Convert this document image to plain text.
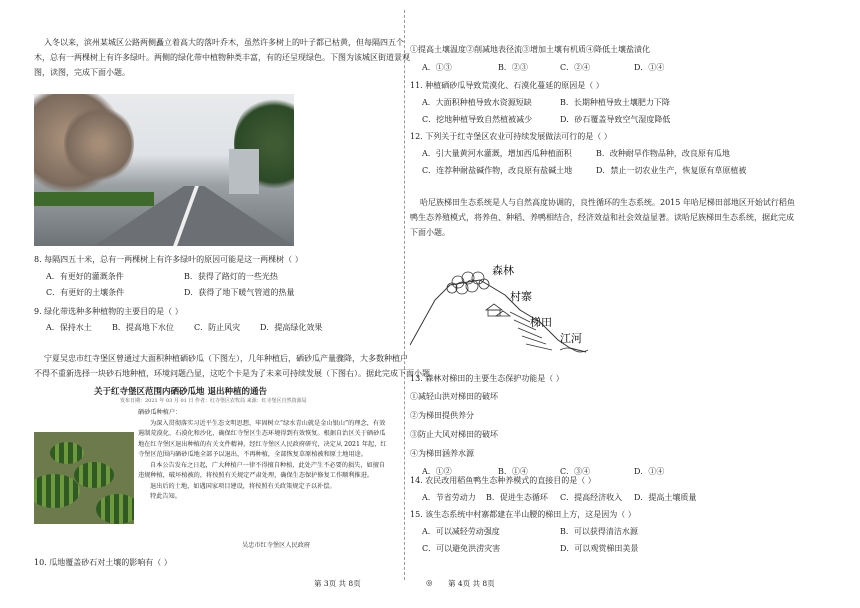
入冬以来，滨州某城区公路两侧矗立着高大的落叶乔木，虽然许多树上的叶子都已枯黄，但每隔四五个
木，总有一两棵树上有许多绿叶。两侧的绿化带中植物种类丰富，有的还呈现绿色。下图为该城区街道景观
图，读图，完成下面小题。
8. 每隔四五十米，总有一两棵树上有许多绿叶的原因可能是这一两棵树（ ）
A．有更好的灌溉条件	B．获得了路灯的一些光热
C．有更好的土壤条件	D．获得了地下暖气管道的热量
9. 绿化带选种多种植物的主要目的是（ ）
A．保持水土	B．提高地下水位	C．防止风灾 D．提高绿化效果
宁夏吴忠市红寺堡区曾通过大面积种植硒砂瓜（下图左），几年种植后，硒砂瓜产量骤降，大多数种植户
不得不重新选择一块砂石地种植，环境问题凸显，这吃个卡是为了未来可持续发展（下图右）。据此完成下面小题。
关于红寺堡区范围内硒砂瓜地 退出种植的通告
发布日期：2021 年 03 月 01 日 作者：红寺堡区农牧局 来源：红寺堡区自然资源局

硒砂瓜种植户：

为深入贯彻落实习近平生态文明思想，牢固树立“绿水青山就是金山银山”的理念，有效遏制荒漠化、石漠化和沙化，确保红寺堡区生态环境得到有效恢复。根据自治区关于硒砂瓜地在红寺堡区退出种植的有关文件精神，经红寺堡区人民政府研究，决定从 2021 年起，红寺堡区范围内硒砂瓜地全部予以退出，不再种植，全部恢复草原植被和原土地用途。

自本公告发布之日起，广大种植户一律不得擅自种植，此处产生不必要的损失，如擅自违规种植，破坏植被的，将按照有关规定严肃处理，确保生态保护修复工作顺利推进。

退出后的土地，如遇国家项目建设，将按照有关政策规定予以补偿。

特此告知。

吴忠市红寺堡区人民政府
10. 瓜地覆盖砂石对土壤的影响有（ ）
第 3页 共 8页	◎
①提高土壤温度②削减地表径流③增加土壤有机质④降低土壤盐渍化
A．①③	B．②③	C．②④	D．①④
11. 种植硒砂瓜导致荒漠化、石漠化蔓延的原因是（ ）
A．大面积种植导致水资源短缺	B．长期种植导致土壤肥力下降
C．挖地种植导致自然植被减少	D．砂石覆盖导致空气湿度降低
12. 下列关于红寺堡区农业可持续发展做法可行的是（ ）
A．引大量黄河水灌溉，增加西瓜种植面积	B．改种耐旱作物品种，改良原有瓜地
C．连荐种耐盐碱作物，改良原有盐碱土地	D．禁止一切农业生产，恢复原有草原植被
哈尼族梯田生态系统是人与自然高度协调的，良性循环的生态系统。2015 年哈尼梯田部地区开始试行稻鱼
鸭生态养殖模式，将养鱼、种稻、养鸭相结合，经济效益和社会效益显著。读哈尼族梯田生态系统，据此完成
下面小题。
森林
村寨
梯田
江河
13. 森林对梯田的主要生态保护功能是（ ）
①减轻山洪对梯田的破坏
②为梯田提供养分
③防止大风对梯田的破坏
④为梯田涵养水源
A．①②	B．①④	C．③④	D．①④
14. 农民改用稻鱼鸭生态种养模式的直接目的是（ ）
A．节省劳动力 B．促进生态循环 C．提高经济收入 D．提高土壤质量
15. 该生态系统中村寨都建在半山腰的梯田上方，这是因为（ ）
A．可以减轻劳动强度	B．可以获得清洁水源
C．可以避免洪涝灾害	D．可以观赏梯田美景
第 4页 共 8页
